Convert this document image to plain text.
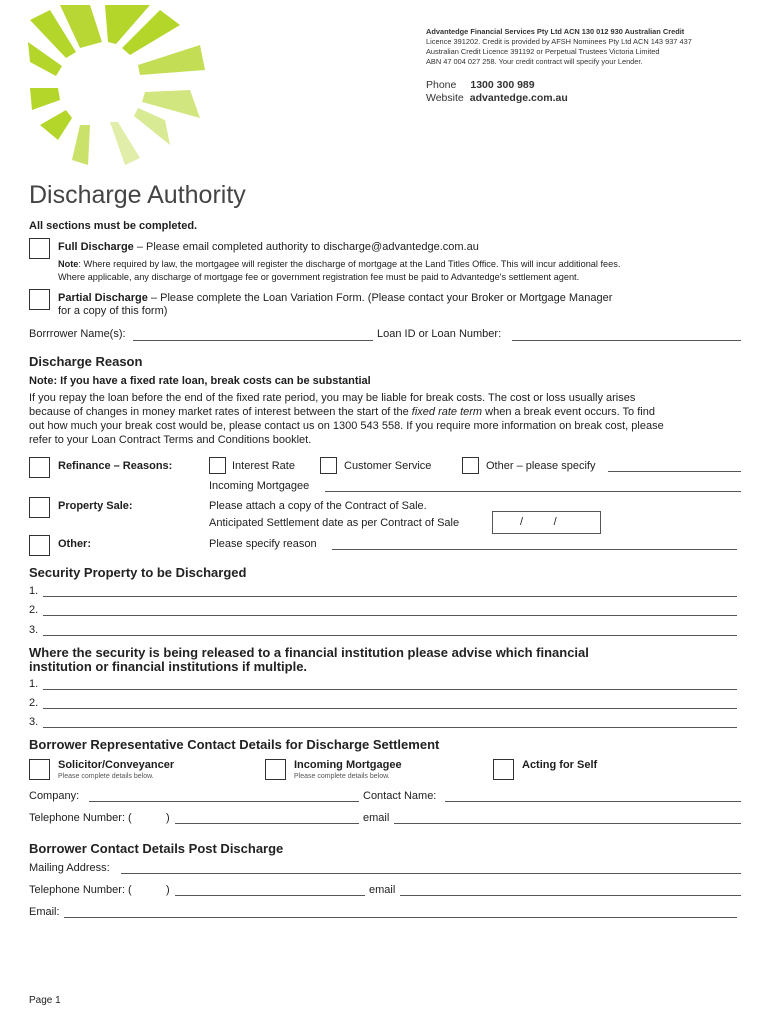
Advantedge Financial Services Pty Ltd ACN 130 012 930 Australian Credit
Licence 391202. Credit is provided by AFSH Nominees Pty Ltd ACN 143 937 437
Australian Credit Licence 391192 or Perpetual Trustees Victoria Limited
ABN 47 004 027 258. Your credit contract will specify your Lender.
Phone 1300 300 989
Website advantedge.com.au
Discharge Authority
All sections must be completed.
Full Discharge – Please email completed authority to discharge@advantedge.com.au
Note: Where required by law, the mortgagee will register the discharge of mortgage at the Land Titles Office. This will incur additional fees.
Where applicable, any discharge of mortgage fee or government registration fee must be paid to Advantedge's settlement agent.
Partial Discharge – Please complete the Loan Variation Form. (Please contact your Broker or Mortgage Manager
for a copy of this form)
Borrrower Name(s):	Loan ID or Loan Number:
Discharge Reason
Note: If you have a fixed rate loan, break costs can be substantial
If you repay the loan before the end of the fixed rate period, you may be liable for break costs. The cost or loss usually arises
because of changes in money market rates of interest between the start of the fixed rate term when a break event occurs. To find
out how much your break cost would be, please contact us on 1300 543 558. If you require more information on break cost, please
refer to your Loan Contract Terms and Conditions booklet.
Refinance – Reasons:	Interest Rate	Customer Service	Other – please specify
Incoming Mortgagee
Property Sale:	Please attach a copy of the Contract of Sale.
Anticipated Settlement date as per Contract of Sale	/          /
Other:	Please specify reason
Security Property to be Discharged
1.
2.
3.
Where the security is being released to a financial institution please advise which financial
institution or financial institutions if multiple.
1.
2.
3.
Borrower Representative Contact Details for Discharge Settlement
Solicitor/Conveyancer
Please complete details below.
Incoming Mortgagee
Please complete details below.
Acting for Self
Company:	Contact Name:
Telephone Number: (	)	email
Borrower Contact Details Post Discharge
Mailing Address:
Telephone Number: (	)	email
Email:
Page 1
